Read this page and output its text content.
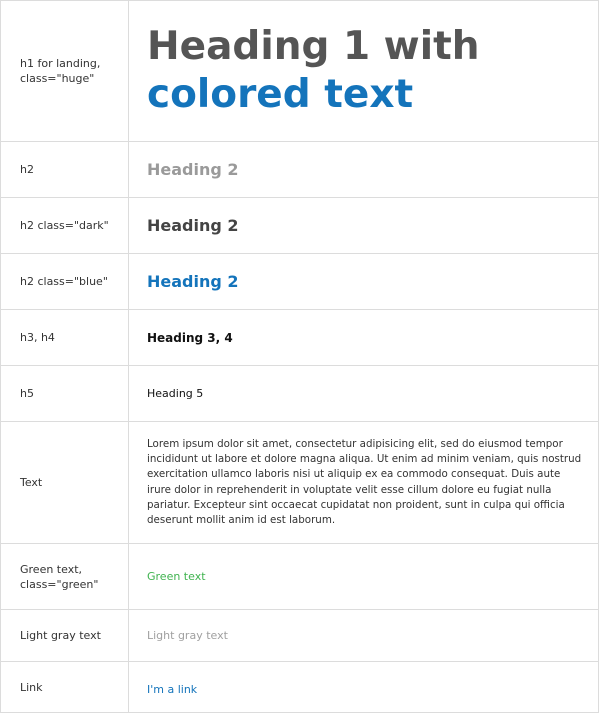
h1 for landing, class="huge"	Heading 1 with
colored text

h2	Heading 2

h2 class="dark"	Heading 2

h2 class="blue"	Heading 2

h3, h4	Heading 3, 4

h5	Heading 5

Text	Lorem ipsum dolor sit amet, consectetur adipisicing elit, sed do eiusmod tempor incididunt ut labore et dolore magna aliqua. Ut enim ad minim veniam, quis nostrud exercitation ullamco laboris nisi ut aliquip ex ea commodo consequat. Duis aute irure dolor in reprehenderit in voluptate velit esse cillum dolore eu fugiat nulla pariatur. Excepteur sint occaecat cupidatat non proident, sunt in culpa qui officia deserunt mollit anim id est laborum.

Green text, class="green"	Green text

Light gray text	Light gray text

Link	I'm a link
